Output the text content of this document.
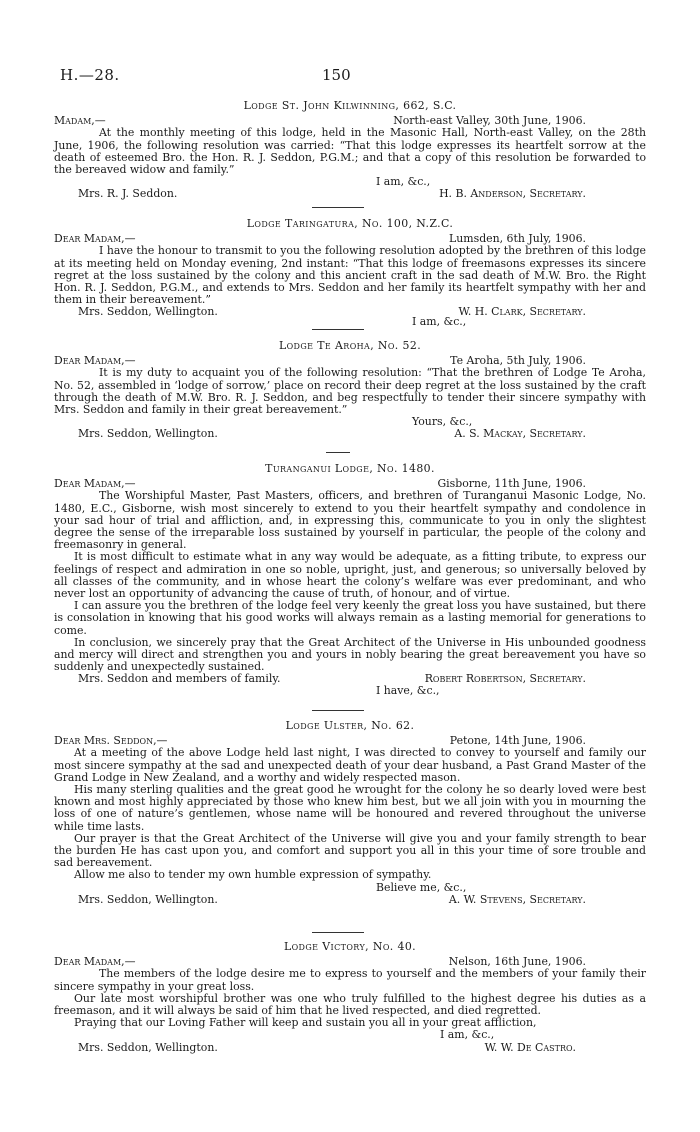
H.—28.	150
Lodge St. John Kilwinning, 662, S.C.
Madam,—	North-east Valley, 30th June, 1906.

At the monthly meeting of this lodge, held in the Masonic Hall, North-east Valley, on the 28th June, 1906, the following resolution was carried: “That this lodge expresses its heartfelt sorrow at the death of esteemed Bro. the Hon. R. J. Seddon, P.G.M.; and that a copy of this resolution be forwarded to the bereaved widow and family.”

I am, &c.,
Mrs. R. J. Seddon.	H. B. Anderson, Secretary.
Lodge Taringatura, No. 100, N.Z.C.
Dear Madam,—	Lumsden, 6th July, 1906.

I have the honour to transmit to you the following resolution adopted by the brethren of this lodge at its meeting held on Monday evening, 2nd instant: “That this lodge of freemasons expresses its sincere regret at the loss sustained by the colony and this ancient craft in the sad death of M.W. Bro. the Right Hon. R. J. Seddon, P.G.M., and extends to Mrs. Seddon and her family its heartfelt sympathy with her and them in their bereavement.”

Mrs. Seddon, Wellington.	W. H. Clark, Secretary.
I am, &c.,
Lodge Te Aroha, No. 52.
Dear Madam,—	Te Aroha, 5th July, 1906.

It is my duty to acquaint you of the following resolution: “That the brethren of Lodge Te Aroha, No. 52, assembled in ‘lodge of sorrow,’ place on record their deep regret at the loss sustained by the craft through the death of M.W. Bro. R. J. Seddon, and beg respectfully to tender their sincere sympathy with Mrs. Seddon and family in their great bereavement.”

Yours, &c.,
Mrs. Seddon, Wellington.	A. S. Mackay, Secretary.
Turanganui Lodge, No. 1480.
Dear Madam,—	Gisborne, 11th June, 1906.

The Worshipful Master, Past Masters, officers, and brethren of Turanganui Masonic Lodge, No. 1480, E.C., Gisborne, wish most sincerely to extend to you their heartfelt sympathy and condolence in your sad hour of trial and affliction, and, in expressing this, communicate to you in only the slightest degree the sense of the irreparable loss sustained by yourself in particular, the people of the colony and freemasonry in general.

It is most difficult to estimate what in any way would be adequate, as a fitting tribute, to express our feelings of respect and admiration in one so noble, upright, just, and generous; so universally beloved by all classes of the community, and in whose heart the colony’s welfare was ever predominant, and who never lost an opportunity of advancing the cause of truth, of honour, and of virtue.

I can assure you the brethren of the lodge feel very keenly the great loss you have sustained, but there is consolation in knowing that his good works will always remain as a lasting memorial for generations to come.

In conclusion, we sincerely pray that the Great Architect of the Universe in His unbounded goodness and mercy will direct and strengthen you and yours in nobly bearing the great bereavement you have so suddenly and unexpectedly sustained.

I have, &c.,
Mrs. Seddon and members of family.	Robert Robertson, Secretary.
Lodge Ulster, No. 62.
Dear Mrs. Seddon,—	Petone, 14th June, 1906.

At a meeting of the above Lodge held last night, I was directed to convey to yourself and family our most sincere sympathy at the sad and unexpected death of your dear husband, a Past Grand Master of the Grand Lodge in New Zealand, and a worthy and widely respected mason.

His many sterling qualities and the great good he wrought for the colony he so dearly loved were best known and most highly appreciated by those who knew him best, but we all join with you in mourning the loss of one of nature’s gentlemen, whose name will be honoured and revered throughout the universe while time lasts.

Our prayer is that the Great Architect of the Universe will give you and your family strength to bear the burden He has cast upon you, and comfort and support you all in this your time of sore trouble and sad bereavement.

Allow me also to tender my own humble expression of sympathy.

Believe me, &c.,
Mrs. Seddon, Wellington.	A. W. Stevens, Secretary.
Lodge Victory, No. 40.
Dear Madam,—	Nelson, 16th June, 1906.

The members of the lodge desire me to express to yourself and the members of your family their sincere sympathy in your great loss.

Our late most worshipful brother was one who truly fulfilled to the highest degree his duties as a freemason, and it will always be said of him that he lived respected, and died regretted.

Praying that our Loving Father will keep and sustain you all in your great affliction,

I am, &c.,
Mrs. Seddon, Wellington.	W. W. De Castro.
